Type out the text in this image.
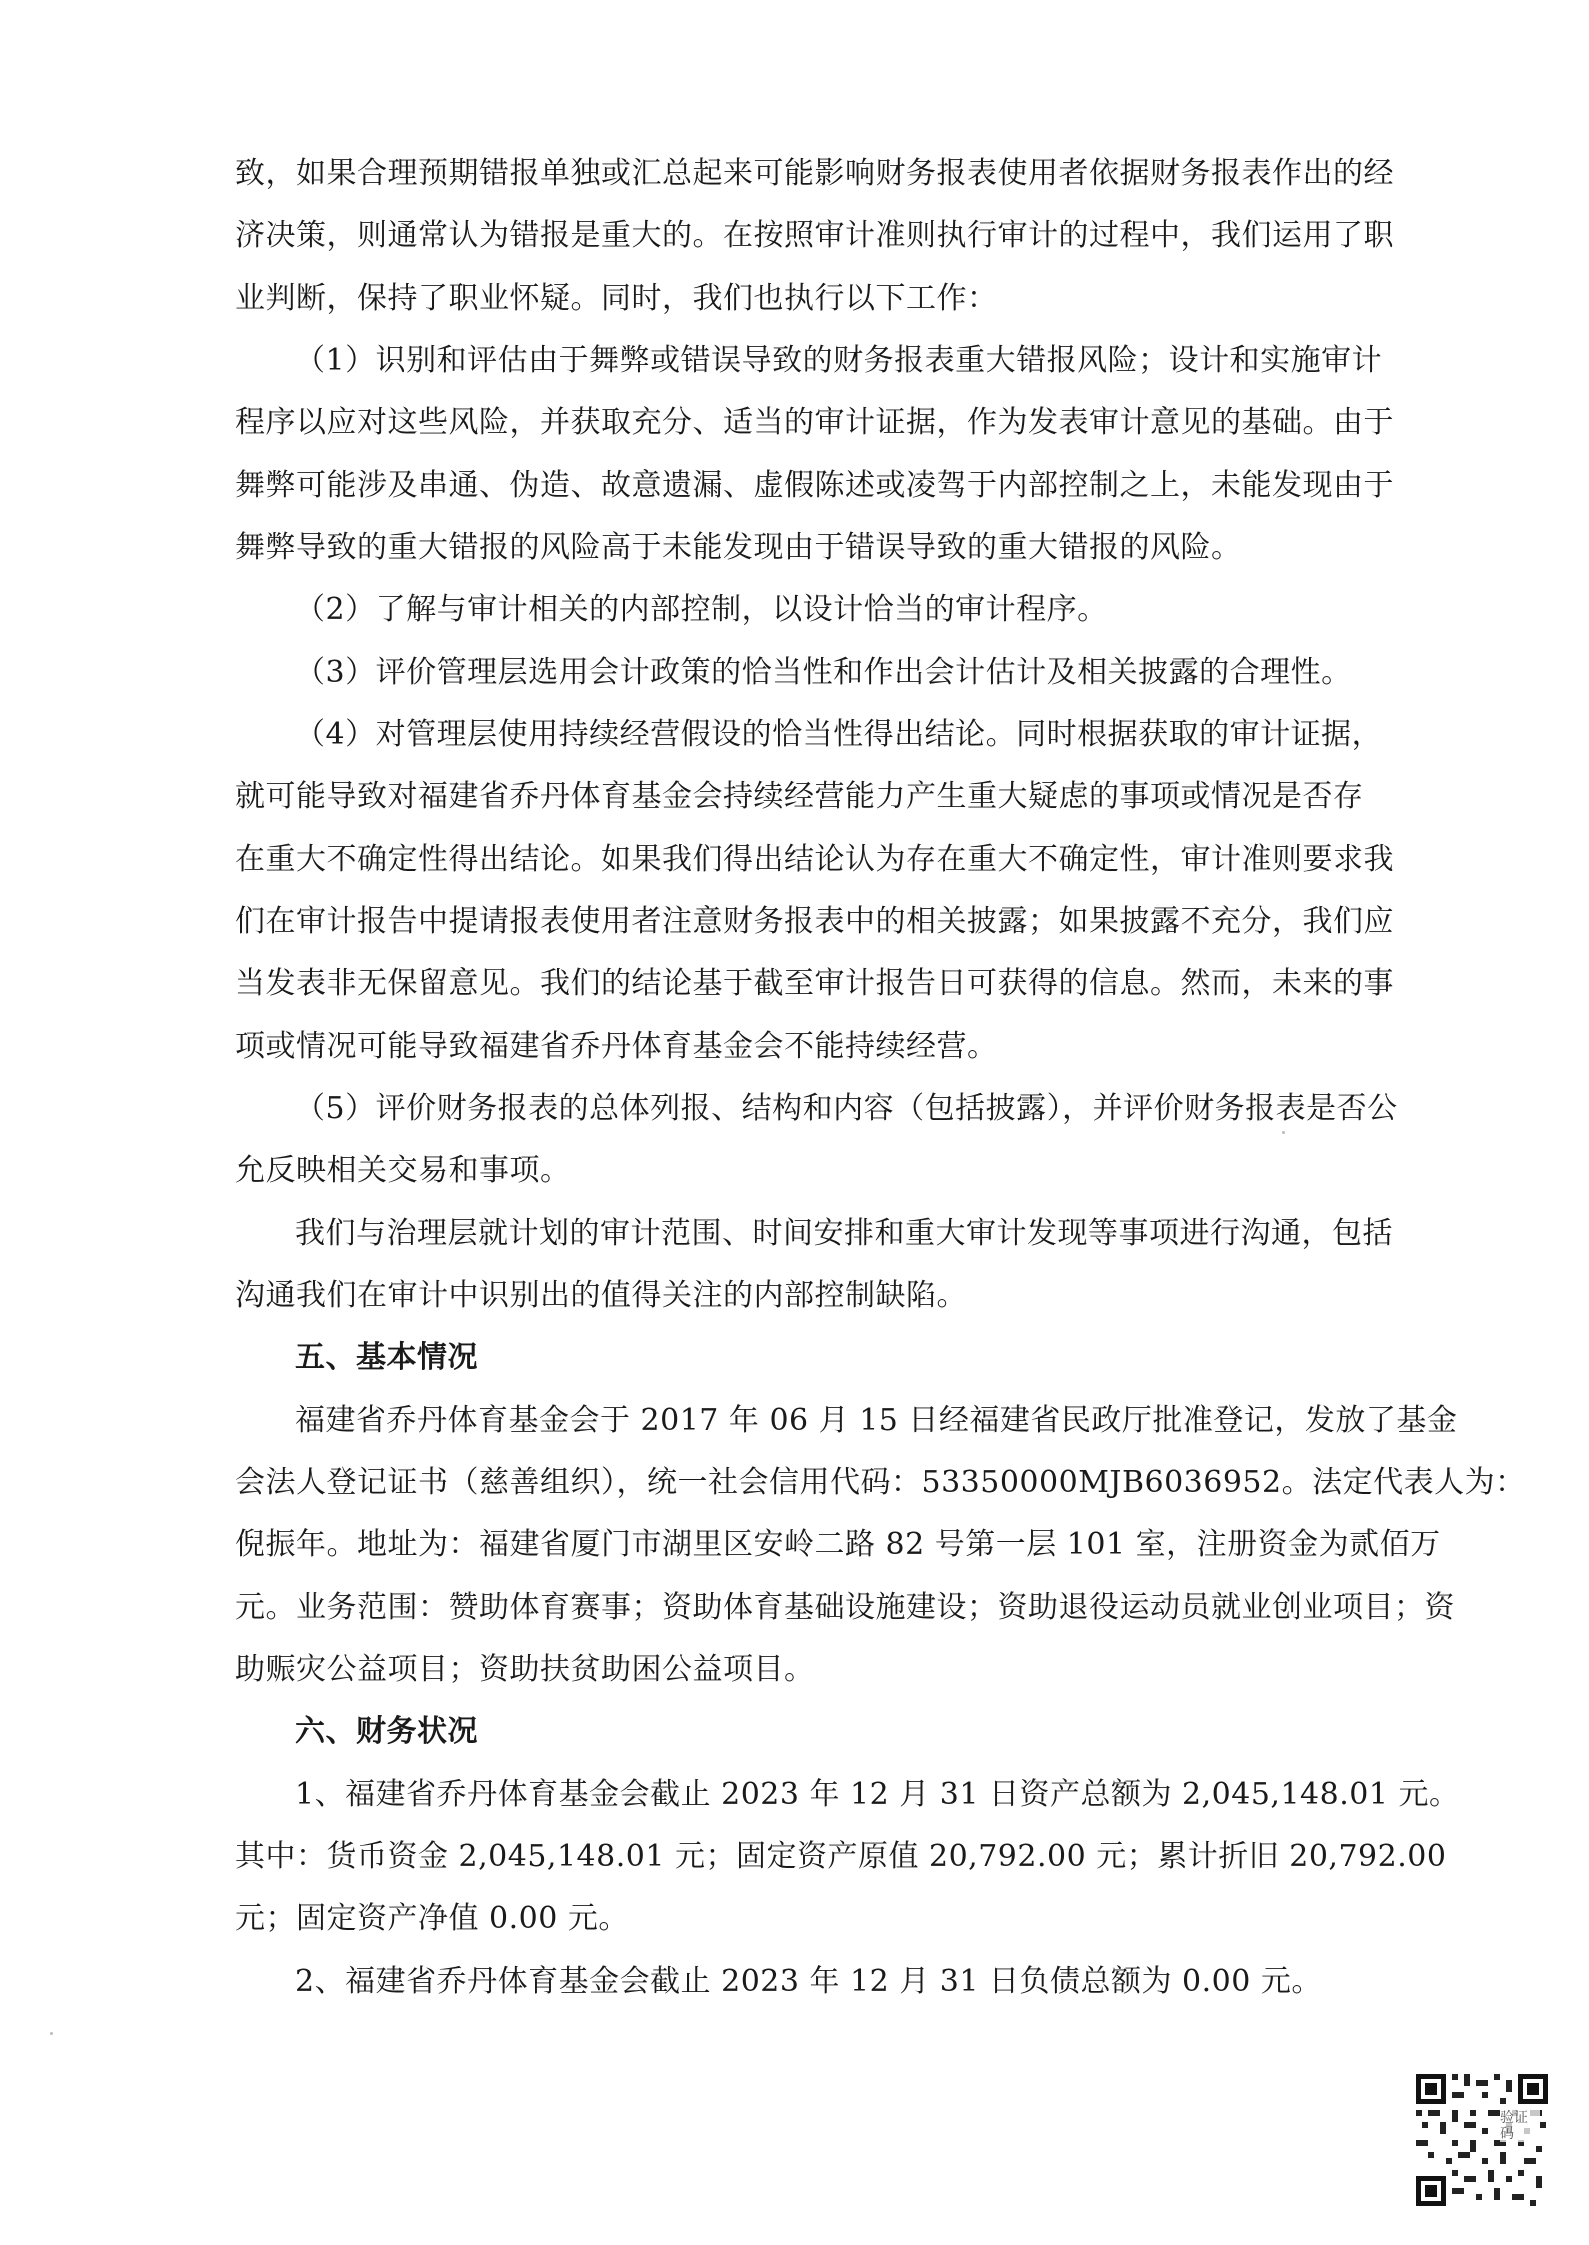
致，如果合理预期错报单独或汇总起来可能影响财务报表使用者依据财务报表作出的经
济决策，则通常认为错报是重大的。在按照审计准则执行审计的过程中，我们运用了职
业判断，保持了职业怀疑。同时，我们也执行以下工作：
（1）识别和评估由于舞弊或错误导致的财务报表重大错报风险；设计和实施审计
程序以应对这些风险，并获取充分、适当的审计证据，作为发表审计意见的基础。由于
舞弊可能涉及串通、伪造、故意遗漏、虚假陈述或凌驾于内部控制之上，未能发现由于
舞弊导致的重大错报的风险高于未能发现由于错误导致的重大错报的风险。
（2）了解与审计相关的内部控制，以设计恰当的审计程序。
（3）评价管理层选用会计政策的恰当性和作出会计估计及相关披露的合理性。
（4）对管理层使用持续经营假设的恰当性得出结论。同时根据获取的审计证据，
就可能导致对福建省乔丹体育基金会持续经营能力产生重大疑虑的事项或情况是否存
在重大不确定性得出结论。如果我们得出结论认为存在重大不确定性，审计准则要求我
们在审计报告中提请报表使用者注意财务报表中的相关披露；如果披露不充分，我们应
当发表非无保留意见。我们的结论基于截至审计报告日可获得的信息。然而，未来的事
项或情况可能导致福建省乔丹体育基金会不能持续经营。
（5）评价财务报表的总体列报、结构和内容（包括披露），并评价财务报表是否公
允反映相关交易和事项。
我们与治理层就计划的审计范围、时间安排和重大审计发现等事项进行沟通，包括
沟通我们在审计中识别出的值得关注的内部控制缺陷。
五、基本情况
福建省乔丹体育基金会于 2017 年 06 月 15 日经福建省民政厅批准登记，发放了基金
会法人登记证书（慈善组织），统一社会信用代码：53350000MJB6036952。法定代表人为：
倪振年。地址为：福建省厦门市湖里区安岭二路 82 号第一层 101 室，注册资金为贰佰万
元。业务范围：赞助体育赛事；资助体育基础设施建设；资助退役运动员就业创业项目；资
助赈灾公益项目；资助扶贫助困公益项目。
六、财务状况
1、福建省乔丹体育基金会截止 2023 年 12 月 31 日资产总额为 2,045,148.01 元。
其中：货币资金 2,045,148.01 元；固定资产原值 20,792.00 元；累计折旧 20,792.00
元；固定资产净值 0.00 元。
2、福建省乔丹体育基金会截止 2023 年 12 月 31 日负债总额为 0.00 元。
验证 码
